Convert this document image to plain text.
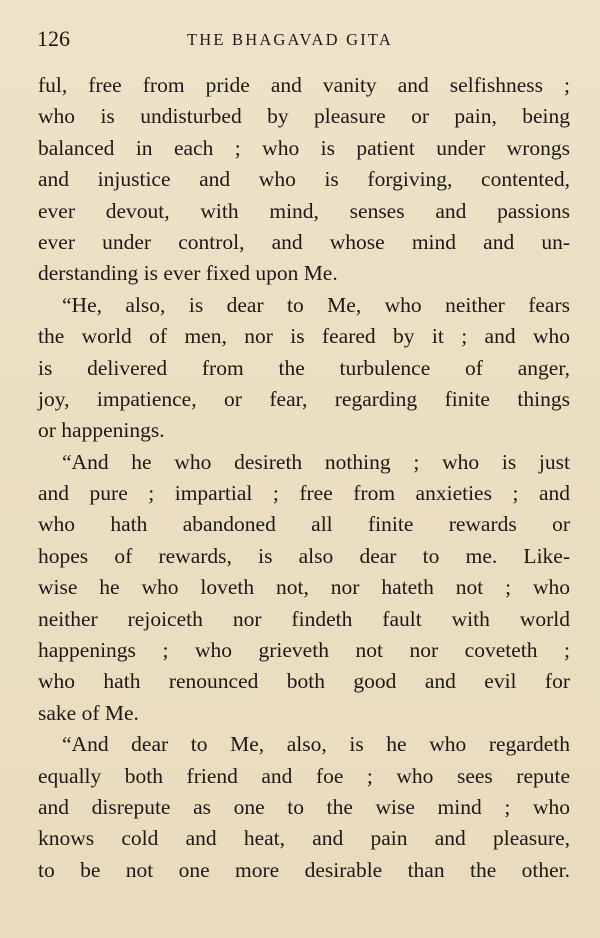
126	THE BHAGAVAD GITA
ful, free from pride and vanity and selfishness ;
who is undisturbed by pleasure or pain, being
balanced in each ; who is patient under wrongs
and injustice and who is forgiving, contented,
ever devout, with mind, senses and passions
ever under control, and whose mind and un-
derstanding is ever fixed upon Me.
“He, also, is dear to Me, who neither fears
the world of men, nor is feared by it ; and who
is delivered from the turbulence of anger,
joy, impatience, or fear, regarding finite things
or happenings.
“And he who desireth nothing ; who is just
and pure ; impartial ; free from anxieties ; and
who hath abandoned all finite rewards or
hopes of rewards, is also dear to me. Like-
wise he who loveth not, nor hateth not ; who
neither rejoiceth nor findeth fault with world
happenings ; who grieveth not nor coveteth ;
who hath renounced both good and evil for
sake of Me.
“And dear to Me, also, is he who regardeth
equally both friend and foe ; who sees repute
and disrepute as one to the wise mind ; who
knows cold and heat, and pain and pleasure,
to be not one more desirable than the other.
